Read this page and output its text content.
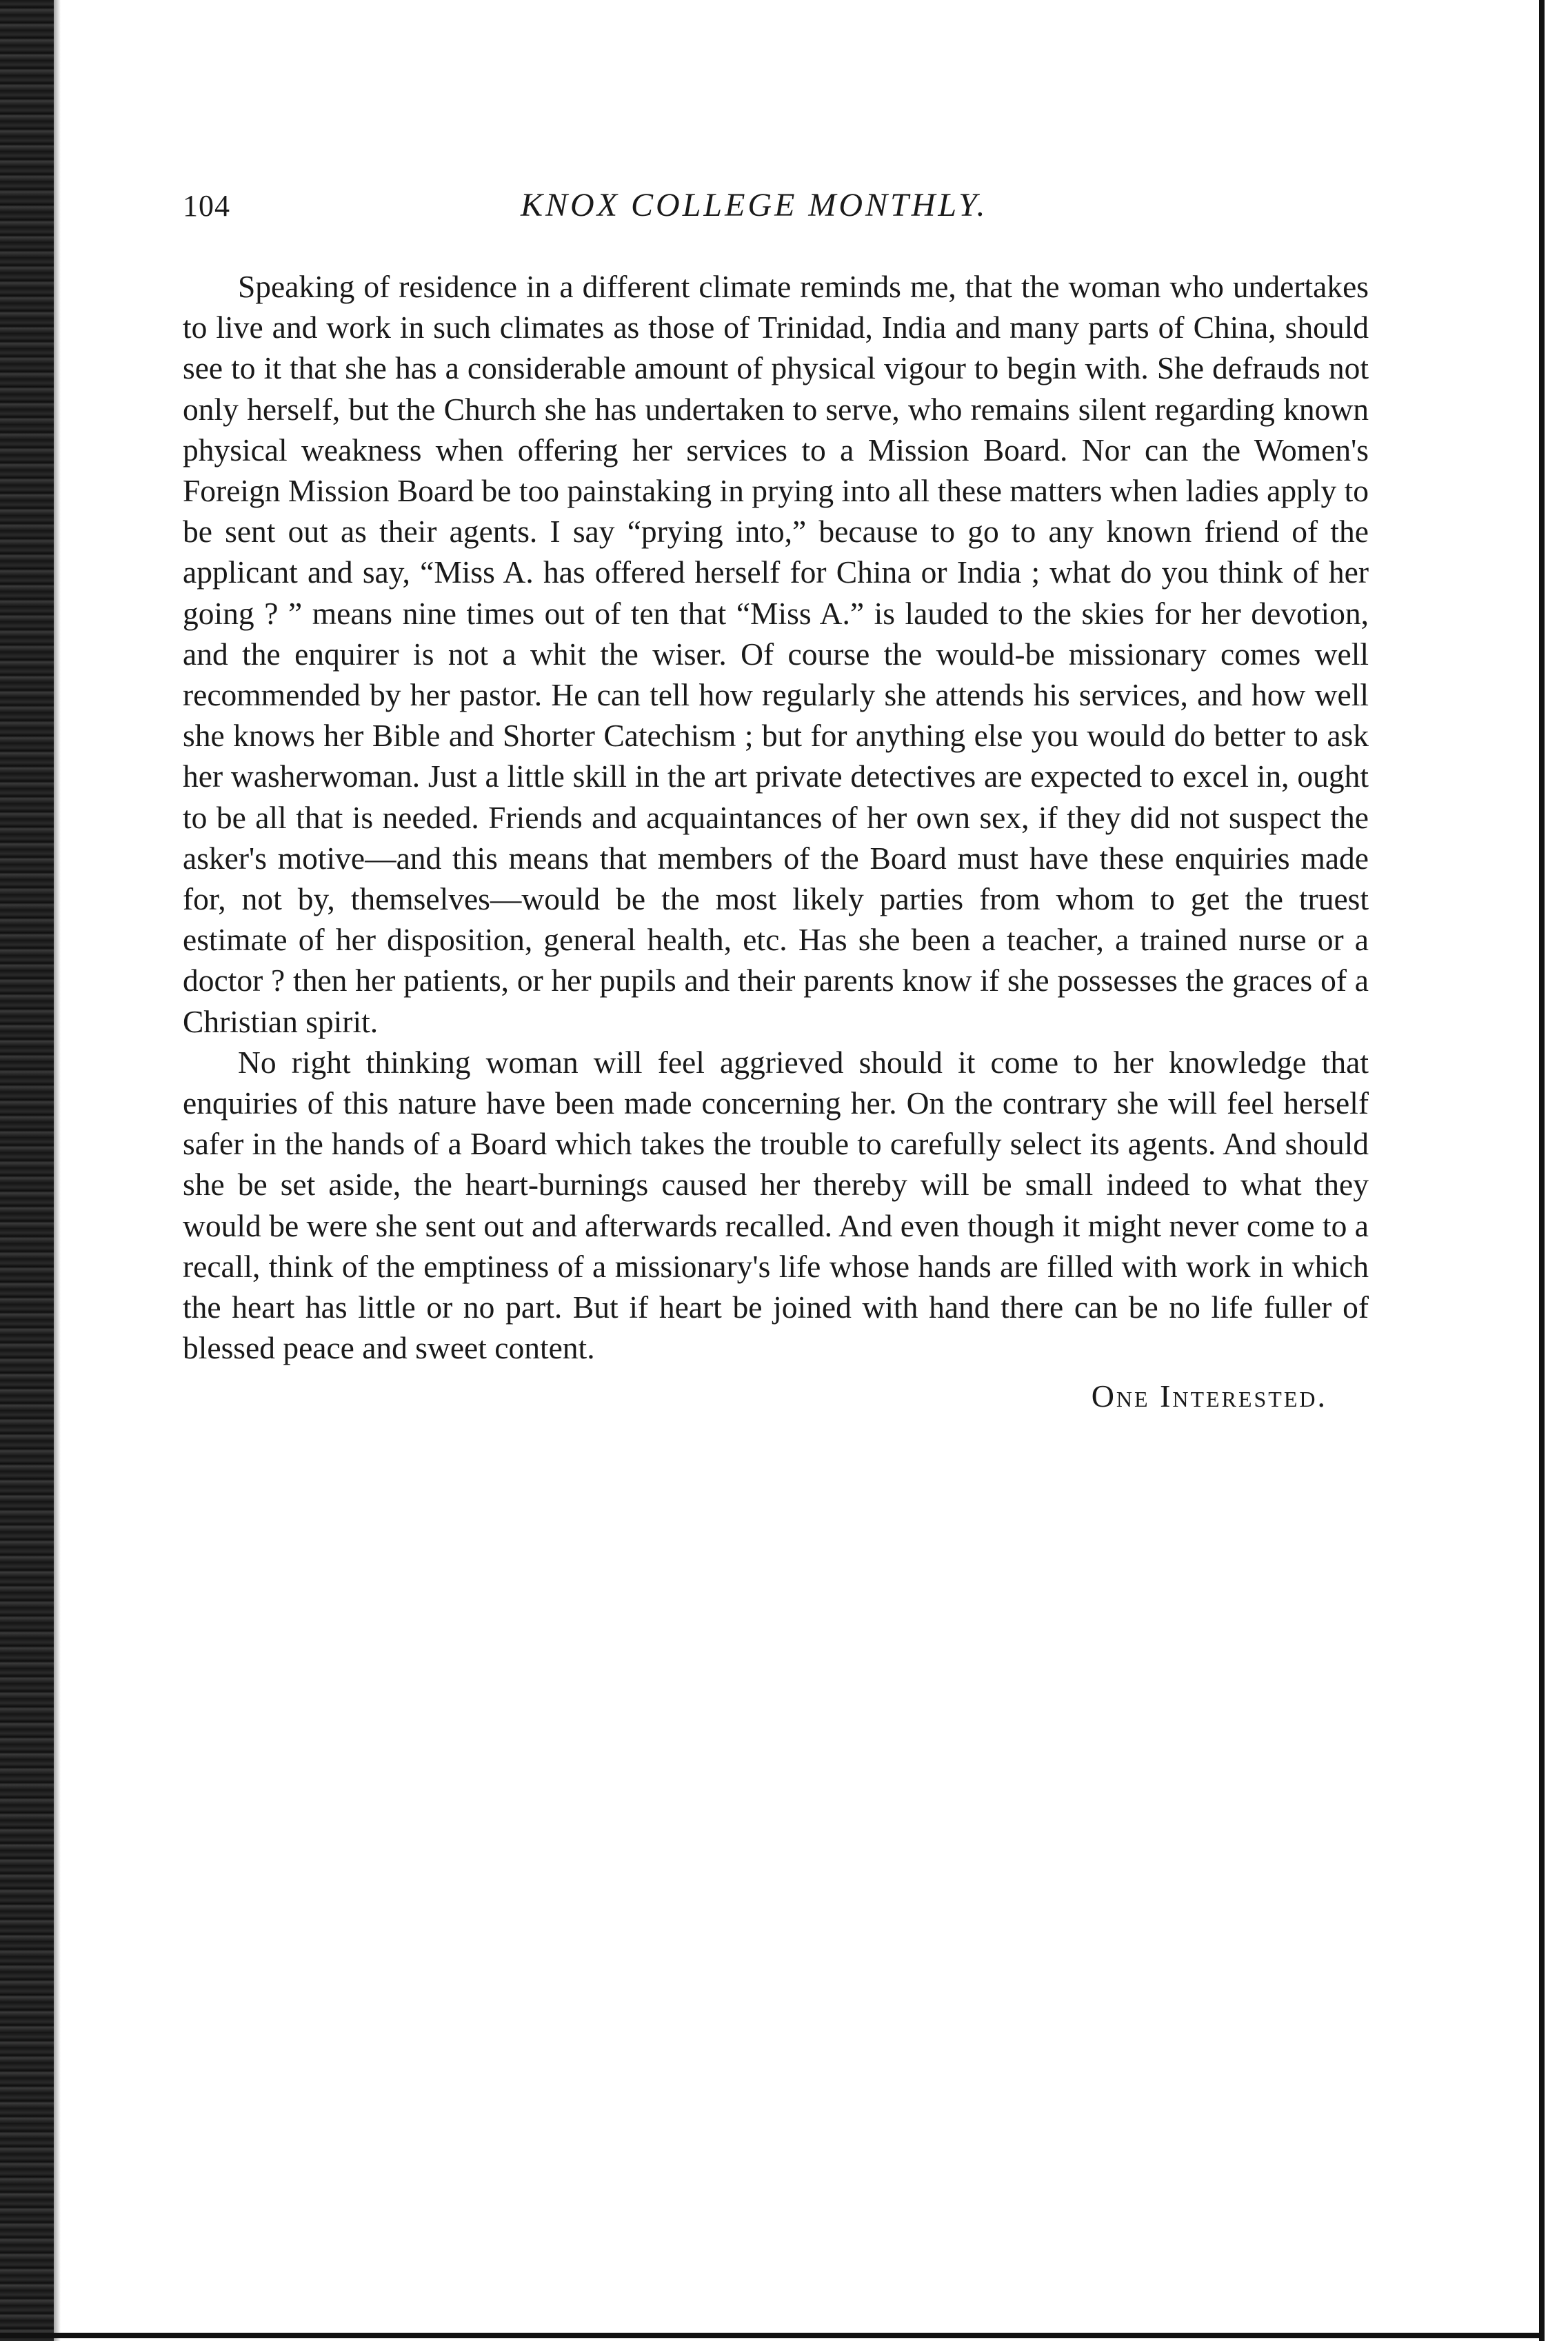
104	KNOX COLLEGE MONTHLY.

Speaking of residence in a different climate reminds me, that the woman who undertakes to live and work in such climates as those of Trinidad, India and many parts of China, should see to it that she has a considerable amount of physical vigour to begin with. She defrauds not only herself, but the Church she has undertaken to serve, who remains silent regarding known physical weakness when offering her services to a Mission Board. Nor can the Women's Foreign Mission Board be too painstaking in prying into all these matters when ladies apply to be sent out as their agents. I say “prying into,” because to go to any known friend of the applicant and say, “Miss A. has offered herself for China or India ; what do you think of her going ? ” means nine times out of ten that “Miss A.” is lauded to the skies for her devotion, and the enquirer is not a whit the wiser. Of course the would-be missionary comes well recommended by her pastor. He can tell how regularly she attends his services, and how well she knows her Bible and Shorter Catechism ; but for anything else you would do better to ask her washerwoman. Just a little skill in the art private detectives are expected to excel in, ought to be all that is needed. Friends and acquaintances of her own sex, if they did not suspect the asker's motive—and this means that members of the Board must have these enquiries made for, not by, themselves—would be the most likely parties from whom to get the truest estimate of her disposition, general health, etc. Has she been a teacher, a trained nurse or a doctor ? then her patients, or her pupils and their parents know if she possesses the graces of a Christian spirit.

No right thinking woman will feel aggrieved should it come to her knowledge that enquiries of this nature have been made concerning her. On the contrary she will feel herself safer in the hands of a Board which takes the trouble to carefully select its agents. And should she be set aside, the heart-burnings caused her thereby will be small indeed to what they would be were she sent out and afterwards recalled. And even though it might never come to a recall, think of the emptiness of a missionary's life whose hands are filled with work in which the heart has little or no part. But if heart be joined with hand there can be no life fuller of blessed peace and sweet content.

One Interested.
